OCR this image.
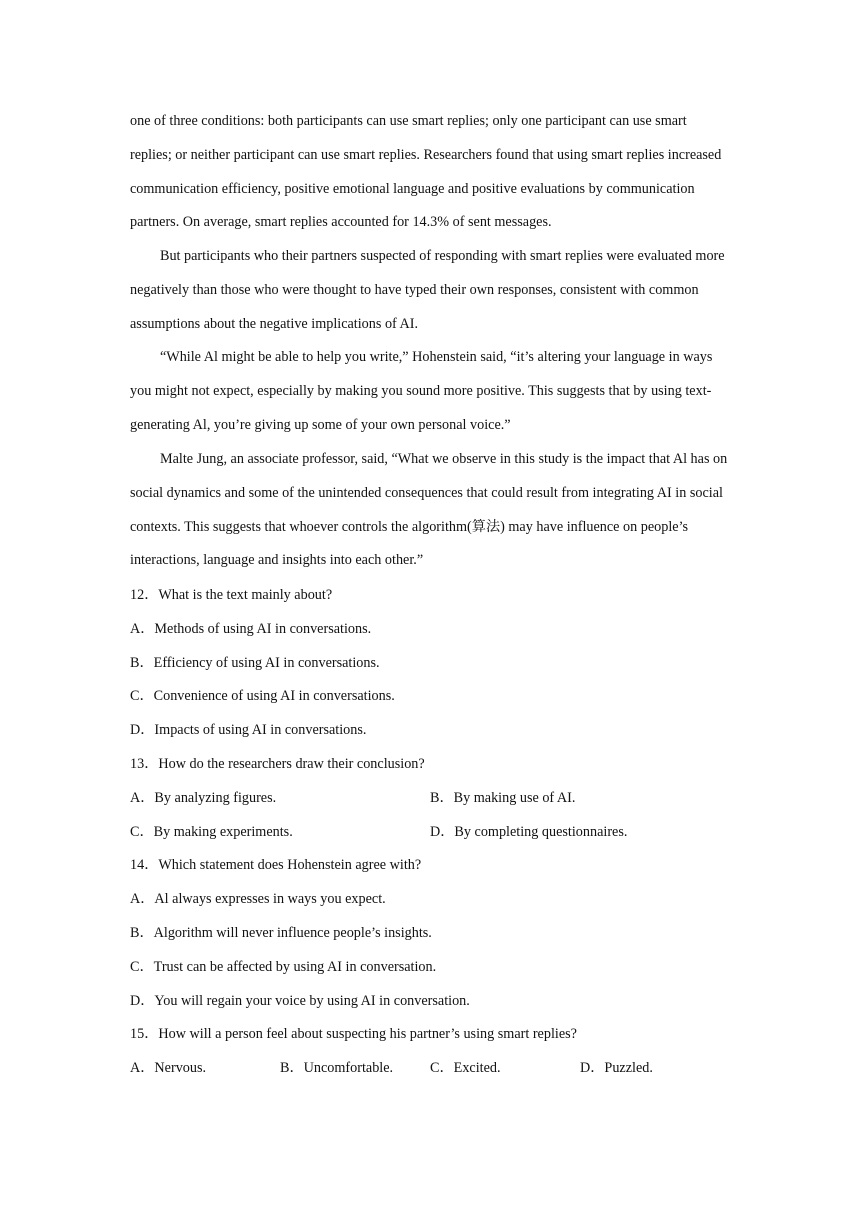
one of three conditions: both participants can use smart replies; only one participant can use smart replies; or neither participant can use smart replies. Researchers found that using smart replies increased communication efficiency, positive emotional language and positive evaluations by communication partners. On average, smart replies accounted for 14.3% of sent messages.

But participants who their partners suspected of responding with smart replies were evaluated more negatively than those who were thought to have typed their own responses, consistent with common assumptions about the negative implications of AI.

“While Al might be able to help you write,” Hohenstein said, “it’s altering your language in ways you might not expect, especially by making you sound more positive. This suggests that by using text-generating Al, you’re giving up some of your own personal voice.”

Malte Jung, an associate professor, said, “What we observe in this study is the impact that Al has on social dynamics and some of the unintended consequences that could result from integrating AI in social contexts. This suggests that whoever controls the algorithm(算法) may have influence on people’s interactions, language and insights into each other.”

12．What is the text mainly about?

A．Methods of using AI in conversations.

B．Efficiency of using AI in conversations.

C．Convenience of using AI in conversations.

D．Impacts of using AI in conversations.

13．How do the researchers draw their conclusion?

A．By analyzing figures.	B．By making use of AI.

C．By making experiments.	D．By completing questionnaires.

14．Which statement does Hohenstein agree with?

A．Al always expresses in ways you expect.

B．Algorithm will never influence people’s insights.

C．Trust can be affected by using AI in conversation.

D．You will regain your voice by using AI in conversation.

15．How will a person feel about suspecting his partner’s using smart replies?

A．Nervous.	B．Uncomfortable.	C．Excited.	D．Puzzled.
